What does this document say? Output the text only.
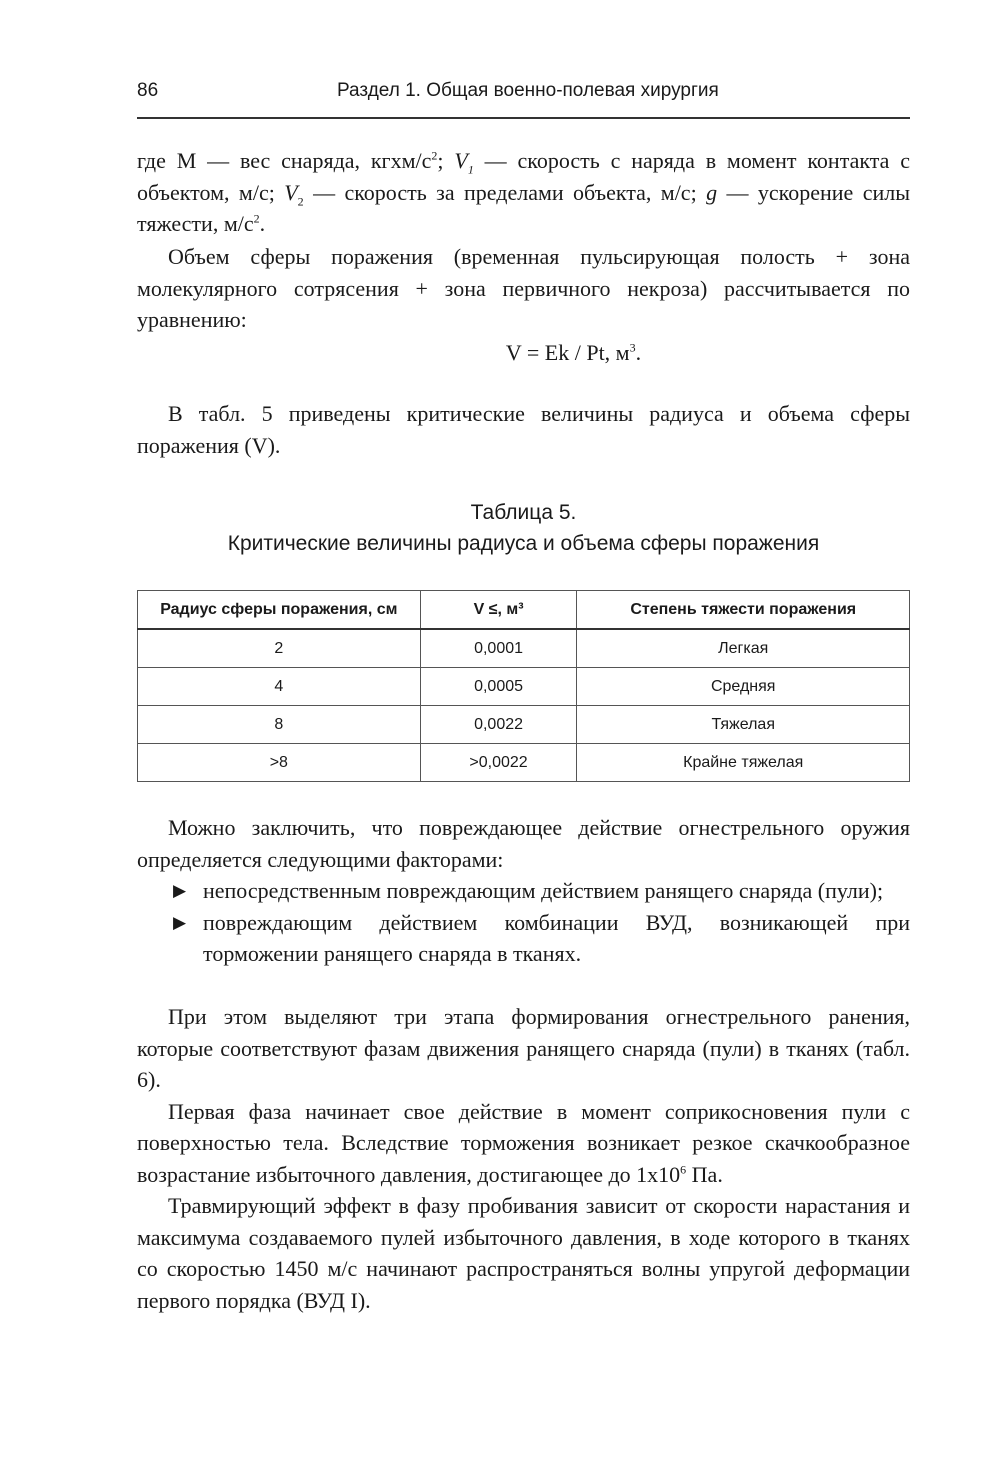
86	Раздел 1. Общая военно-полевая хирургия

где М — вес снаряда, кгхм/$с^2$; $V_1$ — скорость с наряда в момент контакта с объектом, м/с; $V_2$ — скорость за пределами объекта, м/с; g — ускорение силы тяжести, $м/с^2$.

Объем сферы поражения (временная пульсирующая полость + зона молекулярного сотрясения + зона первичного некроза) рассчитывается по уравнению:

V = Ek / Pt, $м^3$.

В табл. 5 приведены критические величины радиуса и объема сферы поражения (V).

Таблица 5.
Критические величины радиуса и объема сферы поражения
Радиус сферы поражения, см	V ≤, м³	Степень тяжести поражения
2	0,0001	Легкая
4	0,0005	Средняя
8	0,0022	Тяжелая
>8	>0,0022	Крайне тяжелая

Можно заключить, что повреждающее действие огнестрельного оружия определяется следующими факторами:

▶ непосредственным повреждающим действием ранящего снаряда (пули);
▶ повреждающим действием комбинации ВУД, возникающей при торможении ранящего снаряда в тканях.

При этом выделяют три этапа формирования огнестрельного ранения, которые соответствуют фазам движения ранящего снаряда (пули) в тканях (табл. 6).

Первая фаза начинает свое действие в момент соприкосновения пули с поверхностью тела. Вследствие торможения возникает резкое скачкообразное возрастание избыточного давления, достигающее до $1х10^6$ Па.

Травмирующий эффект в фазу пробивания зависит от скорости нарастания и максимума создаваемого пулей избыточного давления, в ходе которого в тканях со скоростью 1450 м/с начинают распространяться волны упругой деформации первого порядка (ВУД I).
